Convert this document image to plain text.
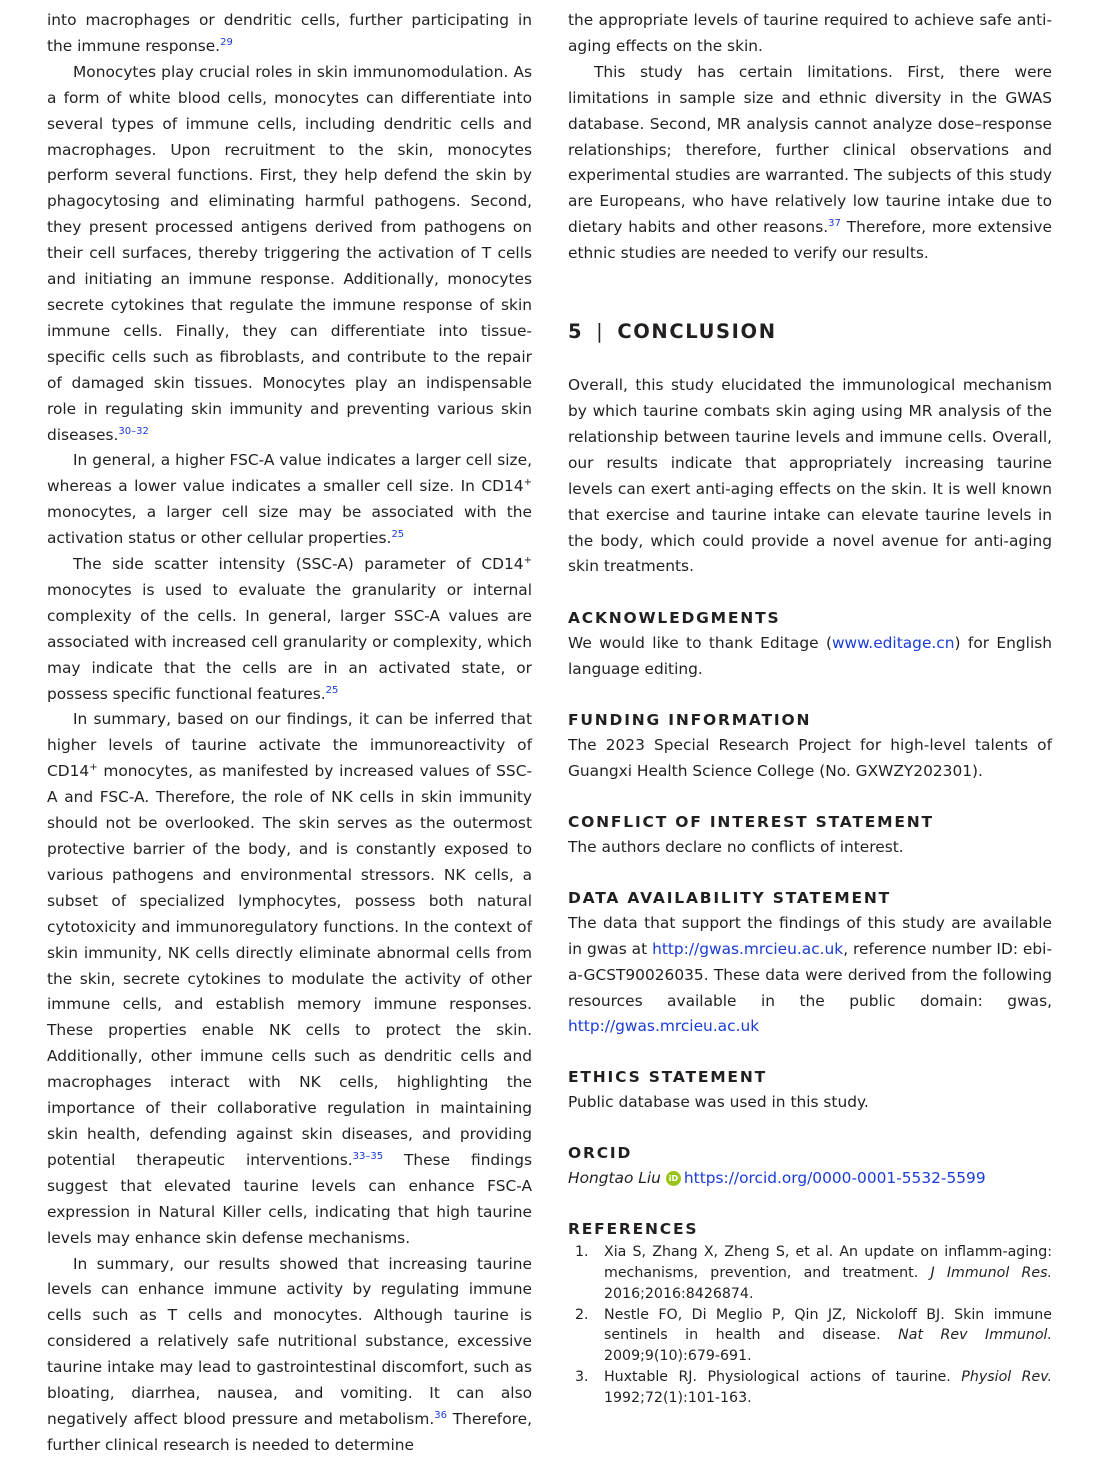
into macrophages or dendritic cells, further participating in the immune response.$^{29}$

Monocytes play crucial roles in skin immunomodulation. As a form of white blood cells, monocytes can differentiate into several types of immune cells, including dendritic cells and macrophages. Upon recruitment to the skin, monocytes perform several functions. First, they help defend the skin by phagocytosing and eliminating harmful pathogens. Second, they present processed antigens derived from pathogens on their cell surfaces, thereby triggering the activation of T cells and initiating an immune response. Additionally, monocytes secrete cytokines that regulate the immune response of skin immune cells. Finally, they can differentiate into tissue-specific cells such as fibroblasts, and contribute to the repair of damaged skin tissues. Monocytes play an indispensable role in regulating skin immunity and preventing various skin diseases.$^{30-32}$

In general, a higher FSC-A value indicates a larger cell size, whereas a lower value indicates a smaller cell size. In CD14+ monocytes, a larger cell size may be associated with the activation status or other cellular properties.$^{25}$

The side scatter intensity (SSC-A) parameter of CD14+ monocytes is used to evaluate the granularity or internal complexity of the cells. In general, larger SSC-A values are associated with increased cell granularity or complexity, which may indicate that the cells are in an activated state, or possess specific functional features.$^{25}$

In summary, based on our findings, it can be inferred that higher levels of taurine activate the immunoreactivity of CD14+ monocytes, as manifested by increased values of SSC-A and FSC-A. Therefore, the role of NK cells in skin immunity should not be overlooked. The skin serves as the outermost protective barrier of the body, and is constantly exposed to various pathogens and environmental stressors. NK cells, a subset of specialized lymphocytes, possess both natural cytotoxicity and immunoregulatory functions. In the context of skin immunity, NK cells directly eliminate abnormal cells from the skin, secrete cytokines to modulate the activity of other immune cells, and establish memory immune responses. These properties enable NK cells to protect the skin. Additionally, other immune cells such as dendritic cells and macrophages interact with NK cells, highlighting the importance of their collaborative regulation in maintaining skin health, defending against skin diseases, and providing potential therapeutic interventions.$^{33-35}$ These findings suggest that elevated taurine levels can enhance FSC-A expression in Natural Killer cells, indicating that high taurine levels may enhance skin defense mechanisms.

In summary, our results showed that increasing taurine levels can enhance immune activity by regulating immune cells such as T cells and monocytes. Although taurine is considered a relatively safe nutritional substance, excessive taurine intake may lead to gastrointestinal discomfort, such as bloating, diarrhea, nausea, and vomiting. It can also negatively affect blood pressure and metabolism.$^{36}$ Therefore, further clinical research is needed to determine

the appropriate levels of taurine required to achieve safe anti-aging effects on the skin.

This study has certain limitations. First, there were limitations in sample size and ethnic diversity in the GWAS database. Second, MR analysis cannot analyze dose–response relationships; therefore, further clinical observations and experimental studies are warranted. The subjects of this study are Europeans, who have relatively low taurine intake due to dietary habits and other reasons.$^{37}$ Therefore, more extensive ethnic studies are needed to verify our results.

5 | CONCLUSION

Overall, this study elucidated the immunological mechanism by which taurine combats skin aging using MR analysis of the relationship between taurine levels and immune cells. Overall, our results indicate that appropriately increasing taurine levels can exert anti-aging effects on the skin. It is well known that exercise and taurine intake can elevate taurine levels in the body, which could provide a novel avenue for anti-aging skin treatments.

ACKNOWLEDGMENTS

We would like to thank Editage (www.editage.cn) for English language editing.

FUNDING INFORMATION

The 2023 Special Research Project for high-level talents of Guangxi Health Science College (No. GXWZY202301).

CONFLICT OF INTEREST STATEMENT

The authors declare no conflicts of interest.

DATA AVAILABILITY STATEMENT

The data that support the findings of this study are available in gwas at http://gwas.mrcieu.ac.uk, reference number ID: ebi-a-GCST90026035. These data were derived from the following resources available in the public domain: gwas, http://gwas.mrcieu.ac.uk

ETHICS STATEMENT

Public database was used in this study.

ORCID

Hongtao Liu iD https://orcid.org/0000-0001-5532-5599

REFERENCES
1. Xia S, Zhang X, Zheng S, et al. An update on inflamm-aging: mechanisms, prevention, and treatment. J Immunol Res. 2016;2016:8426874.
2. Nestle FO, Di Meglio P, Qin JZ, Nickoloff BJ. Skin immune sentinels in health and disease. Nat Rev Immunol. 2009;9(10):679-691.
3. Huxtable RJ. Physiological actions of taurine. Physiol Rev. 1992;72(1):101-163.
